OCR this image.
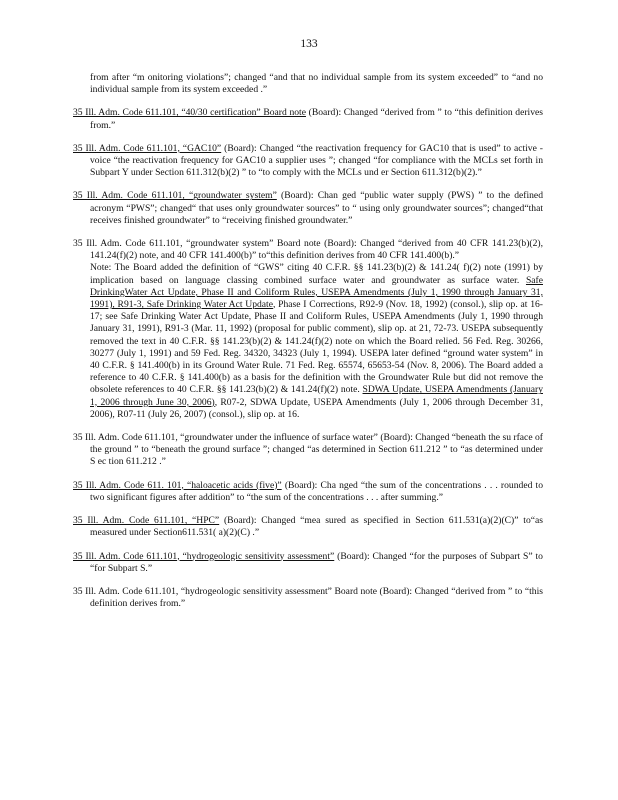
133

from after “m onitoring violations”; changed “and that no individual sample from its system exceeded” to “and no individual sample from its system exceeded .”

35 Ill. Adm. Code 611.101, “40/30 certification” Board note (Board): Changed “derived from ” to “this definition derives from.”

35 Ill. Adm. Code 611.101, “GAC10” (Board): Changed “the reactivation frequency for GAC10 that is used” to active -voice “the reactivation frequency for GAC10 a supplier uses ”; changed “for compliance with the MCLs set forth in Subpart Y under Section 611.312(b)(2) ” to “to comply with the MCLs und er Section 611.312(b)(2).”

35 Ill. Adm. Code 611.101, “groundwater system” (Board): Chan ged “public water supply (PWS) ” to the defined acronym “PWS”; changed“ that uses only groundwater sources” to “ using only groundwater sources”; changed“that receives finished groundwater” to “receiving finished groundwater.”

35 Ill. Adm. Code 611.101, “groundwater system” Board note (Board): Changed “derived from 40 CFR 141.23(b)(2), 141.24(f)(2) note, and 40 CFR 141.400(b)” to“this definition derives from 40 CFR 141.400(b).”
Note: The Board added the definition of “GWS” citing 40 C.F.R. §§ 141.23(b)(2) & 141.24( f)(2) note (1991) by implication based on language classing combined surface water and groundwater as surface water. Safe DrinkingWater Act Update, Phase II and Coliform Rules, USEPA Amendments (July 1, 1990 through January 31, 1991), R91-3, Safe Drinking Water Act Update, Phase I Corrections, R92-9 (Nov. 18, 1992) (consol.), slip op. at 16-17; see Safe Drinking Water Act Update, Phase II and Coliform Rules, USEPA Amendments (July 1, 1990 through January 31, 1991), R91-3 (Mar. 11, 1992) (proposal for public comment), slip op. at 21, 72-73. USEPA subsequently removed the text in 40 C.F.R. §§ 141.23(b)(2) & 141.24(f)(2) note on which the Board relied. 56 Fed. Reg. 30266, 30277 (July 1, 1991) and 59 Fed. Reg. 34320, 34323 (July 1, 1994). USEPA later defined “ground water system” in 40 C.F.R. § 141.400(b) in its Ground Water Rule. 71 Fed. Reg. 65574, 65653-54 (Nov. 8, 2006). The Board added a reference to 40 C.F.R. § 141.400(b) as a basis for the definition with the Groundwater Rule but did not remove the obsolete references to 40 C.F.R. §§ 141.23(b)(2) & 141.24(f)(2) note. SDWA Update, USEPA Amendments (January 1, 2006 through June 30, 2006), R07-2, SDWA Update, USEPA Amendments (July 1, 2006 through December 31, 2006), R07-11 (July 26, 2007) (consol.), slip op. at 16.

35 Ill. Adm. Code 611.101, “groundwater under the influence of surface water” (Board): Changed “beneath the su rface of the ground ” to “beneath the ground surface ”; changed “as determined in Section 611.212 ” to “as determined under S ec tion 611.212 .”

35 Ill. Adm. Code 611. 101, “haloacetic acids (five)” (Board): Cha nged “the sum of the concentrations . . . rounded to two significant figures after addition” to “the sum of the concentrations . . . after summing.”

35 Ill. Adm. Code 611.101, “HPC” (Board): Changed “mea sured as specified in Section 611.531(a)(2)(C)” to“as measured under Section611.531( a)(2)(C) .”

35 Ill. Adm. Code 611.101, “hydrogeologic sensitivity assessment” (Board): Changed “for the purposes of Subpart S” to “for Subpart S.”

35 Ill. Adm. Code 611.101, “hydrogeologic sensitivity assessment” Board note (Board): Changed “derived from ” to “this definition derives from.”
